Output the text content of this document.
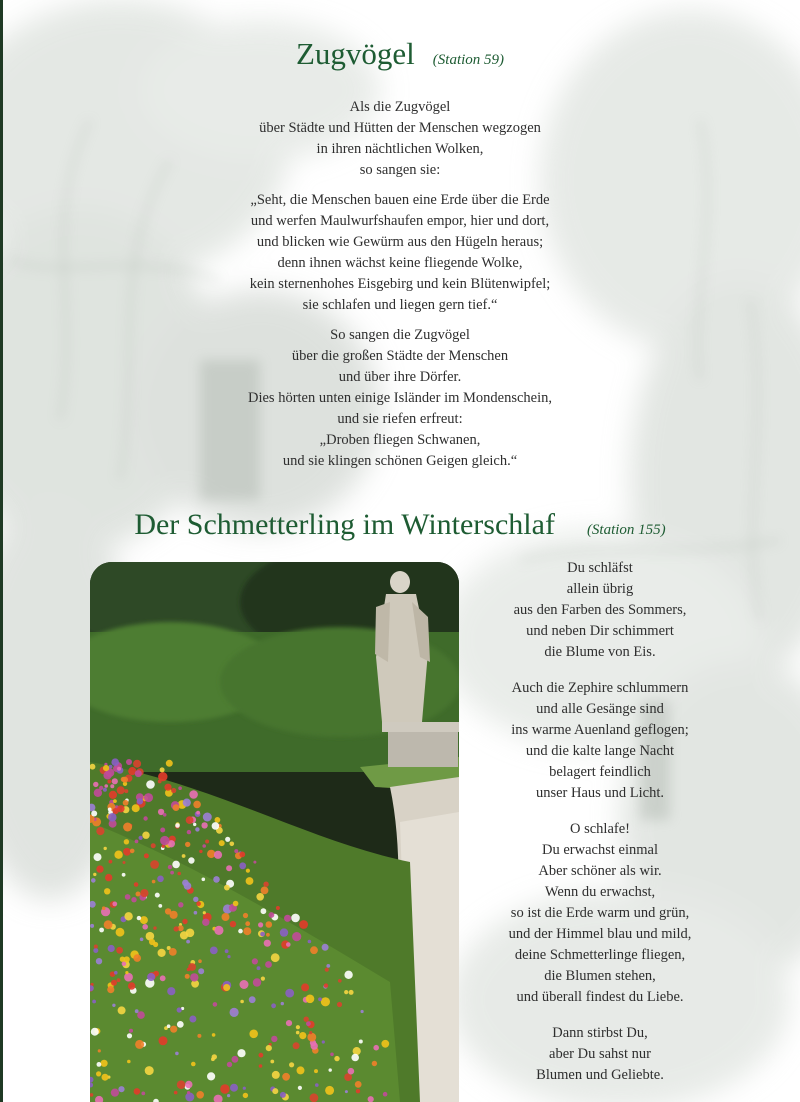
Zugvögel (Station 59)
Als die Zugvögel
über Städte und Hütten der Menschen wegzogen
in ihren nächtlichen Wolken,
so sangen sie:
„Seht, die Menschen bauen eine Erde über die Erde
und werfen Maulwurfshaufen empor, hier und dort,
und blicken wie Gewürm aus den Hügeln heraus;
denn ihnen wächst keine fliegende Wolke,
kein sternenhohes Eisgebirg und kein Blütenwipfel;
sie schlafen und liegen gern tief.“
So sangen die Zugvögel
über die großen Städte der Menschen
und über ihre Dörfer.
Dies hörten unten einige Isländer im Mondenschein,
und sie riefen erfreut:
„Droben fliegen Schwanen,
und sie klingen schönen Geigen gleich.“
Der Schmetterling im Winterschlaf (Station 155)
Du schläfst
allein übrig
aus den Farben des Sommers,
und neben Dir schimmert
die Blume von Eis.
Auch die Zephire schlummern
und alle Gesänge sind
ins warme Auenland geflogen;
und die kalte lange Nacht
belagert feindlich
unser Haus und Licht.
O schlafe!
Du erwachst einmal
Aber schöner als wir.
Wenn du erwachst,
so ist die Erde warm und grün,
und der Himmel blau und mild,
deine Schmetterlinge fliegen,
die Blumen stehen,
und überall findest du Liebe.
Dann stirbst Du,
aber Du sahst nur
Blumen und Geliebte.
